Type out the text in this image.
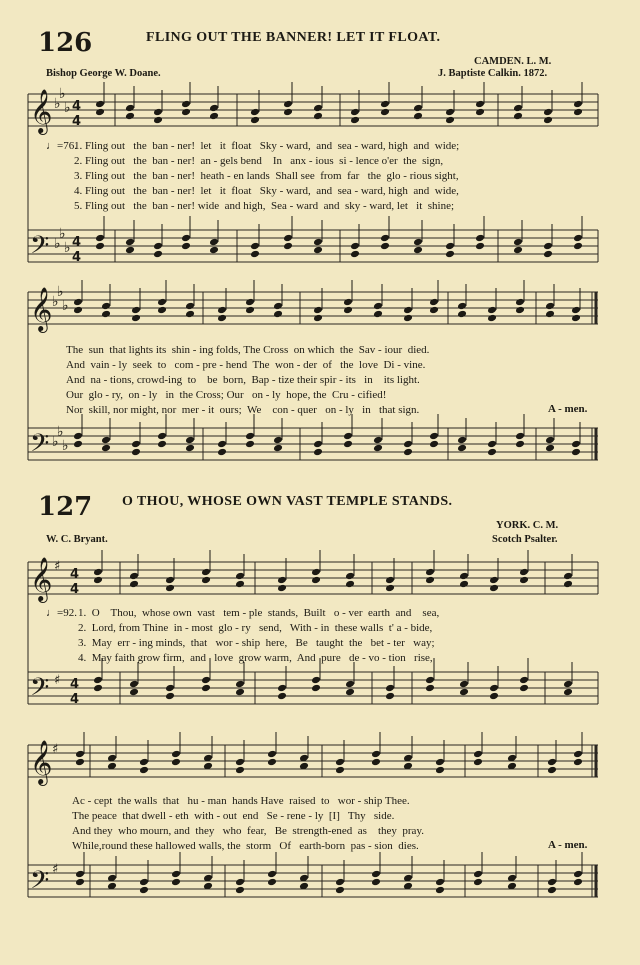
126	FLING OUT THE BANNER! LET IT FLOAT.
CAMDEN. L. M.
Bishop George W. Doane.	J. Baptiste Calkin. 1872.
𝄞
𝄢
𝄞
𝄢
𝄞
𝄢
𝄞
𝄢
♭
♭
♭
♭
♭
♭
♭
♭
♭
♭
♭
♭
♯
♯
♯
♯
4
4
4
4
4
4
4
4
♩=76.
1. Fling out   the  ban - ner!  let   it  float   Sky - ward,  and  sea - ward, high  and  wide;
2. Fling out   the  ban - ner!  an - gels bend    In   anx - ious  si - lence o'er  the  sign,
3. Fling out   the  ban - ner!  heath - en lands  Shall see  from  far   the  glo - rious sight,
4. Fling out   the  ban - ner!  let   it  float   Sky - ward,  and  sea - ward, high  and  wide,
5. Fling out   the  ban - ner! wide  and high,  Sea - ward  and  sky - ward, let   it  shine;
The  sun  that lights its  shin - ing folds, The Cross  on which  the  Sav - iour  died.
And  vain - ly  seek  to   com - pre - hend  The  won - der  of   the  love  Di - vine.
And  na - tions, crowd-ing  to    be  born,  Bap - tize their spir - its   in    its light.
Our  glo - ry,  on - ly   in  the Cross; Our   on - ly  hope, the  Cru - cified!
Nor  skill, nor might, nor  mer - it  ours;  We    con - quer   on - ly   in   that sign.	A - men.
127 O THOU, WHOSE OWN VAST TEMPLE STANDS.
YORK. C. M.
W. C. Bryant.	Scotch Psalter.
♩=92. 1.  O    Thou,  whose own  vast   tem - ple  stands,  Built   o - ver  earth  and    sea,
2.  Lord, from Thine  in - most  glo - ry   send,   With - in  these walls  t' a - bide,
3.  May  err - ing minds,  that   wor - ship  here,   Be   taught  the   bet - ter   way;
4.  May faith grow firm,  and   love  grow warm,  And  pure   de - vo - tion   rise,
Ac - cept  the walls  that   hu - man  hands Have  raised  to   wor - ship Thee.
The peace  that dwell - eth  with - out  end   Se - rene - ly  [I]   Thy   side.
And they  who mourn, and  they   who  fear,   Be  strength-ened  as    they  pray.
While,round these hallowed walls, the  storm   Of   earth-born  pas - sion  dies.	A - men.
